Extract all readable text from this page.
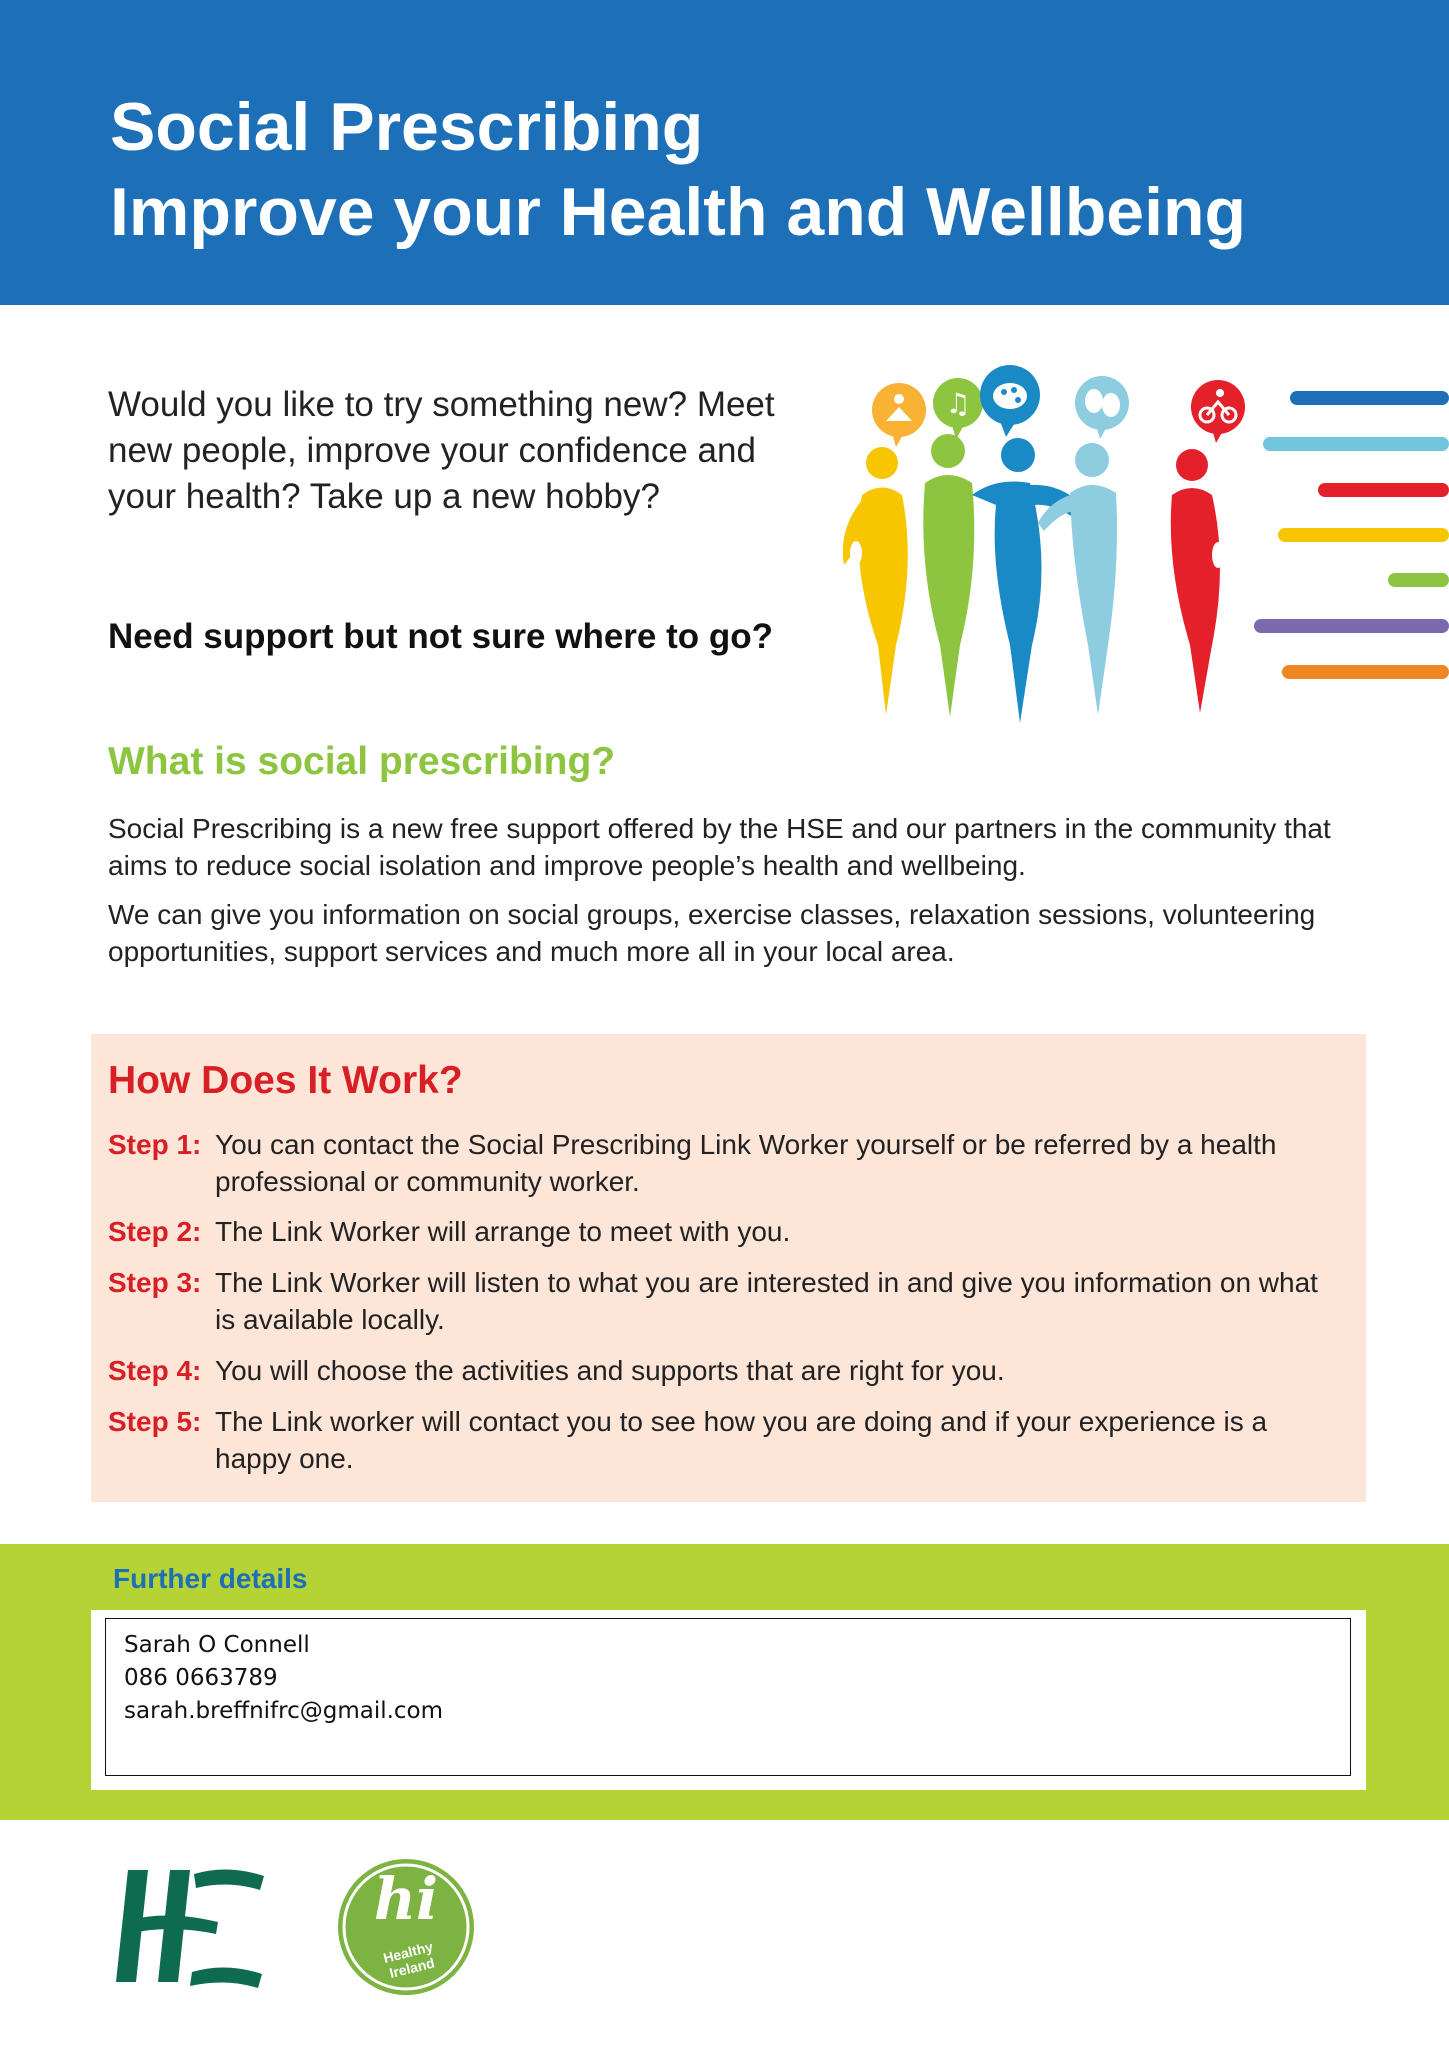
Social Prescribing
Improve your Health and Wellbeing
Would you like to try something new? Meet new people, improve your confidence and your health? Take up a new hobby?
Need support but not sure where to go?
♫
What is social prescribing?
Social Prescribing is a new free support offered by the HSE and our partners in the community that aims to reduce social isolation and improve people’s health and wellbeing.
We can give you information on social groups, exercise classes, relaxation sessions, volunteering opportunities, support services and much more all in your local area.
How Does It Work?
Step 1: You can contact the Social Prescribing Link Worker yourself or be referred by a health professional or community worker.
Step 2: The Link Worker will arrange to meet with you.
Step 3: The Link Worker will listen to what you are interested in and give you information on what is available locally.
Step 4: You will choose the activities and supports that are right for you.
Step 5: The Link worker will contact you to see how you are doing and if your experience is a happy one.
Further details
Sarah O Connell
086 0663789
sarah.breffnifrc@gmail.com
hi
Healthy Ireland
